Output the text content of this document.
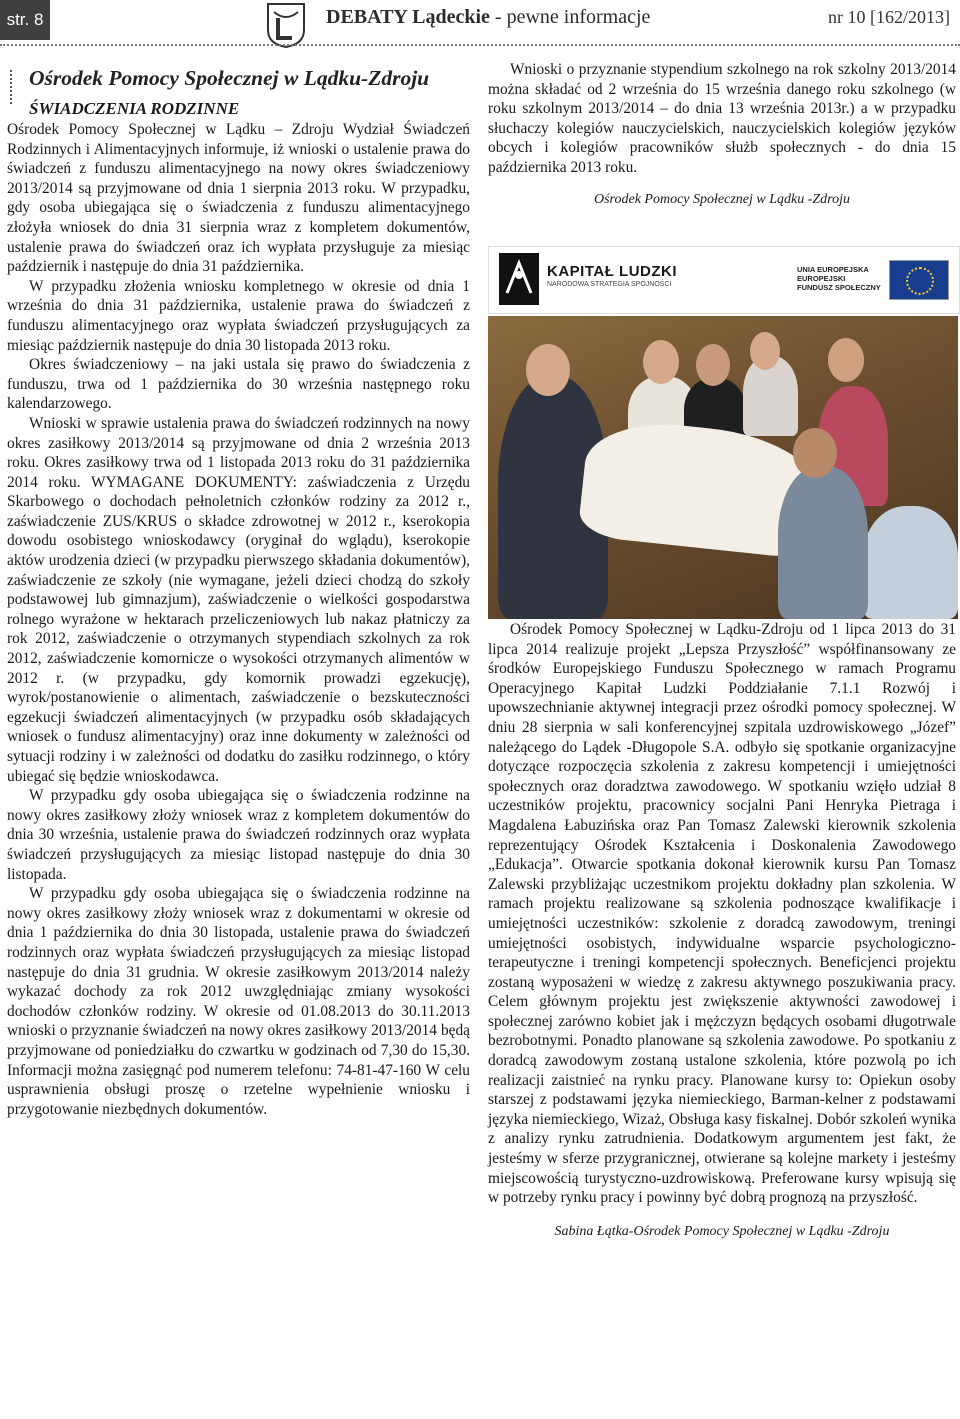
str. 8	DEBATY Lądeckie - pewne informacje	nr 10 [162/2013]
Ośrodek Pomocy Społecznej w Lądku-Zdroju
ŚWIADCZENIA RODZINNE

Ośrodek Pomocy Społecznej w Lądku – Zdroju Wydział Świadczeń Rodzinnych i Alimentacyjnych informuje, iż wnioski o ustalenie prawa do świadczeń z funduszu alimentacyjnego na nowy okres świadczeniowy 2013/2014 są przyjmowane od dnia 1 sierpnia 2013 roku. W przypadku, gdy osoba ubiegająca się o świadczenia z funduszu alimentacyjnego złożyła wniosek do dnia 31 sierpnia wraz z kompletem dokumentów, ustalenie prawa do świadczeń oraz ich wypłata przysługuje za miesiąc październik i następuje do dnia 31 października.

W przypadku złożenia wniosku kompletnego w okresie od dnia 1 września do dnia 31 października, ustalenie prawa do świadczeń z funduszu alimentacyjnego oraz wypłata świadczeń przysługujących za miesiąc październik następuje do dnia 30 listopada 2013 roku.

Okres świadczeniowy – na jaki ustala się prawo do świadczenia z funduszu, trwa od 1 października do 30 września następnego roku kalendarzowego.

Wnioski w sprawie ustalenia prawa do świadczeń rodzinnych na nowy okres zasiłkowy 2013/2014 są przyjmowane od dnia 2 września 2013 roku. Okres zasiłkowy trwa od 1 listopada 2013 roku do 31 października 2014 roku. WYMAGANE DOKUMENTY: zaświadczenia z Urzędu Skarbowego o dochodach pełnoletnich członków rodziny za 2012 r., zaświadczenie ZUS/KRUS o składce zdrowotnej w 2012 r., kserokopia dowodu osobistego wnioskodawcy (oryginał do wglądu), kserokopie aktów urodzenia dzieci (w przypadku pierwszego składania dokumentów), zaświadczenie ze szkoły (nie wymagane, jeżeli dzieci chodzą do szkoły podstawowej lub gimnazjum), zaświadczenie o wielkości gospodarstwa rolnego wyrażone w hektarach przeliczeniowych lub nakaz płatniczy za rok 2012, zaświadczenie o otrzymanych stypendiach szkolnych za rok 2012, zaświadczenie komornicze o wysokości otrzymanych alimentów w 2012 r. (w przypadku, gdy komornik prowadzi egzekucję), wyrok/postanowienie o alimentach, zaświadczenie o bezskuteczności egzekucji świadczeń alimentacyjnych (w przypadku osób składających wniosek o fundusz alimentacyjny) oraz inne dokumenty w zależności od sytuacji rodziny i w zależności od dodatku do zasiłku rodzinnego, o który ubiegać się będzie wnioskodawca.

W przypadku gdy osoba ubiegająca się o świadczenia rodzinne na nowy okres zasiłkowy złoży wniosek wraz z kompletem dokumentów do dnia 30 września, ustalenie prawa do świadczeń rodzinnych oraz wypłata świadczeń przysługujących za miesiąc listopad następuje do dnia 30 listopada.

W przypadku gdy osoba ubiegająca się o świadczenia rodzinne na nowy okres zasiłkowy złoży wniosek wraz z dokumentami w okresie od dnia 1 października do dnia 30 listopada, ustalenie prawa do świadczeń rodzinnych oraz wypłata świadczeń przysługujących za miesiąc listopad następuje do dnia 31 grudnia. W okresie zasiłkowym 2013/2014 należy wykazać dochody za rok 2012 uwzględniając zmiany wysokości dochodów członków rodziny. W okresie od 01.08.2013 do 30.11.2013 wnioski o przyznanie świadczeń na nowy okres zasiłkowy 2013/2014 będą przyjmowane od poniedziałku do czwartku w godzinach od 7,30 do 15,30. Informacji można zasięgnąć pod numerem telefonu: 74-81-47-160 W celu usprawnienia obsługi proszę o rzetelne wypełnienie wniosku i przygotowanie niezbędnych dokumentów.

Wnioski o przyznanie stypendium szkolnego na rok szkolny 2013/2014 można składać od 2 września do 15 września danego roku szkolnego (w roku szkolnym 2013/2014 – do dnia 13 września 2013r.) a w przypadku słuchaczy kolegiów nauczycielskich, nauczycielskich kolegiów języków obcych i kolegiów pracowników służb społecznych - do dnia 15 października 2013 roku.

Ośrodek Pomocy Społecznej w Lądku -Zdroju
KAPITAŁ LUDZKI
NARODOWA STRATEGIA SPÓJNOŚCI
UNIA EUROPEJSKA
EUROPEJSKI
FUNDUSZ SPOŁECZNY

Ośrodek Pomocy Społecznej w Lądku-Zdroju od 1 lipca 2013 do 31 lipca 2014 realizuje projekt „Lepsza Przyszłość” współfinansowany ze środków Europejskiego Funduszu Społecznego w ramach Programu Operacyjnego Kapitał Ludzki Poddziałanie 7.1.1 Rozwój i upowszechnianie aktywnej integracji przez ośrodki pomocy społecznej. W dniu 28 sierpnia w sali konferencyjnej szpitala uzdrowiskowego „Józef” należącego do Lądek -Długopole S.A. odbyło się spotkanie organizacyjne dotyczące rozpoczęcia szkolenia z zakresu kompetencji i umiejętności społecznych oraz doradztwa zawodowego. W spotkaniu wzięło udział 8 uczestników projektu, pracownicy socjalni Pani Henryka Pietraga i Magdalena Łabuzińska oraz Pan Tomasz Zalewski kierownik szkolenia reprezentujący Ośrodek Kształcenia i Doskonalenia Zawodowego „Edukacja”. Otwarcie spotkania dokonał kierownik kursu Pan Tomasz Zalewski przybliżając uczestnikom projektu dokładny plan szkolenia. W ramach projektu realizowane są szkolenia podnoszące kwalifikacje i umiejętności uczestników: szkolenie z doradcą zawodowym, treningi umiejętności osobistych, indywidualne wsparcie psychologiczno-terapeutyczne i treningi kompetencji społecznych. Beneficjenci projektu zostaną wyposażeni w wiedzę z zakresu aktywnego poszukiwania pracy. Celem głównym projektu jest zwiększenie aktywności zawodowej i społecznej zarówno kobiet jak i mężczyzn będących osobami długotrwale bezrobotnymi. Ponadto planowane są szkolenia zawodowe. Po spotkaniu z doradcą zawodowym zostaną ustalone szkolenia, które pozwolą po ich realizacji zaistnieć na rynku pracy. Planowane kursy to: Opiekun osoby starszej z podstawami języka niemieckiego, Barman-kelner z podstawami języka niemieckiego, Wizaż, Obsługa kasy fiskalnej. Dobór szkoleń wynika z analizy rynku zatrudnienia. Dodatkowym argumentem jest fakt, że jesteśmy w sferze przygranicznej, otwierane są kolejne markety i jesteśmy miejscowością turystyczno-uzdrowiskową. Preferowane kursy wpisują się w potrzeby rynku pracy i powinny być dobrą prognozą na przyszłość.

Sabina Łątka-Ośrodek Pomocy Społecznej w Lądku -Zdroju
